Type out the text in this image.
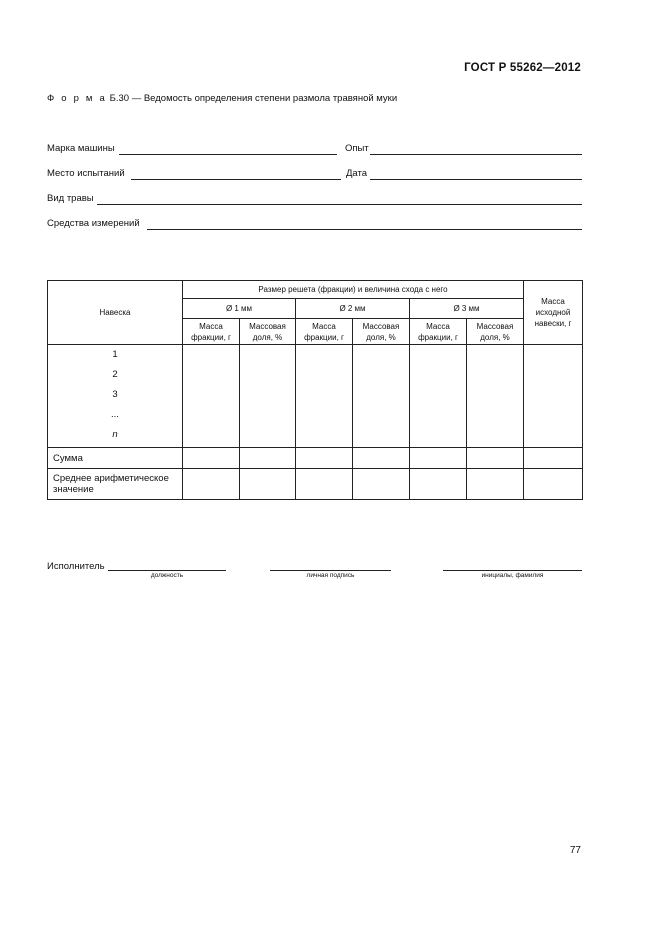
ГОСТ Р 55262—2012
Ф о р м а Б.30 — Ведомость определения степени размола травяной муки
Марка машины	Опыт
Место испытаний	Дата
Вид травы
Средства измерений
Навеска	Размер решета (фракции) и величина схода с него						Масса исходной навески, г
	Ø 1 мм		Ø 2 мм		Ø 3 мм		
	Масса фракции, г	Массовая доля, %	Масса фракции, г	Массовая доля, %	Масса фракции, г	Массовая доля, %	

1
2
3
...
n							

Сумма							
Среднее арифметическое значение							
Исполнитель
должность	личная подпись	инициалы, фамилия
77
